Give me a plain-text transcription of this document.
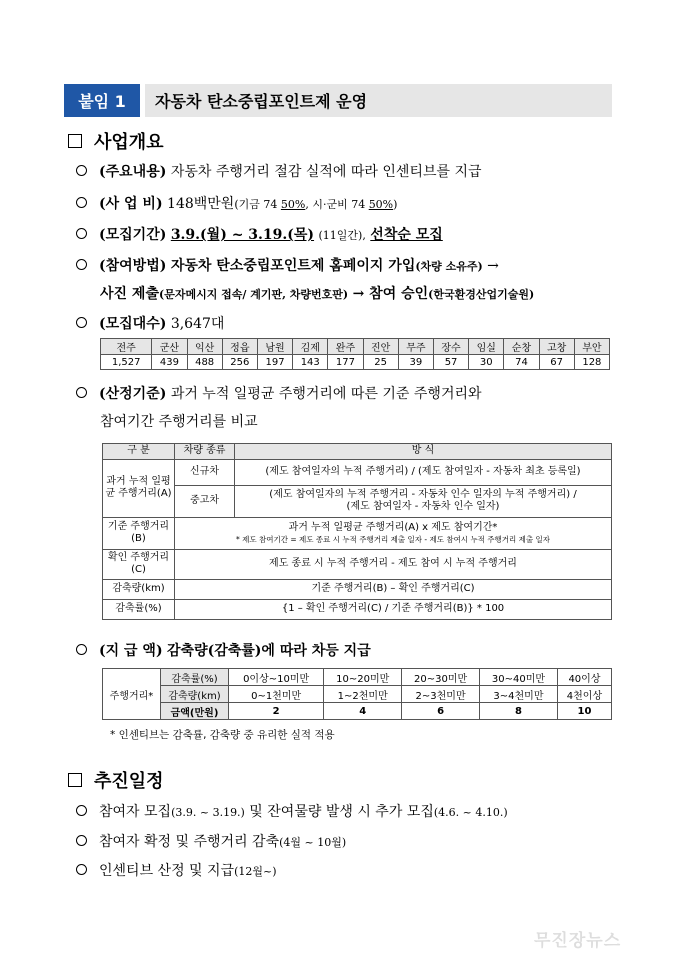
붙임 1	자동차 탄소중립포인트제 운영
사업개요
(주요내용) 자동차 주행거리 절감 실적에 따라 인센티브를 지급
(사 업 비) 148백만원(기금 74 50%, 시·군비 74 50%)
(모집기간) 3.9.(월) ~ 3.19.(목) (11일간), 선착순 모집
(참여방법) 자동차 탄소중립포인트제 홈페이지 가입(차량 소유주) →
사진 제출(문자메시지 접속/ 계기판, 차량번호판) → 참여 승인(한국환경산업기술원)
(모집대수) 3,647대
전주	군산	익산	정읍	남원	김제	완주	진안	무주	장수	임실	순창	고창	부안
1,527	439	488	256	197	143	177	25	39	57	30	74	67	128
(산정기준) 과거 누적 일평균 주행거리에 따른 기준 주행거리와
참여기간 주행거리를 비교
구 분	차량 종류	방 식
과거 누적 일평균 주행거리(A)	신규차	(제도 참여일자의 누적 주행거리) / (제도 참여일자 - 자동차 최초 등록일)
	중고차	(제도 참여일자의 누적 주행거리 - 자동차 인수 일자의 누적 주행거리) /
(제도 참여일자 - 자동차 인수 일자)

기준 주행거리(B)	과거 누적 일평균 주행거리(A) x 제도 참여기간*
* 제도 참여기간 = 제도 종료 시 누적 주행거리 제출 일자 - 제도 참여시 누적 주행거리 제출 일자	

확인 주행거리(C)	제도 종료 시 누적 주행거리 - 제도 참여 시 누적 주행거리	
감축량(km)	기준 주행거리(B) – 확인 주행거리(C)	
감축률(%)	{1 – 확인 주행거리(C) / 기준 주행거리(B)} * 100	
(지 급 액) 감축량(감축률)에 따라 차등 지급
주행거리*	감축률(%)	0이상~10미만	10~20미만	20~30미만	30~40미만	40이상
	감축량(km)	0~1천미만	1~2천미만	2~3천미만	3~4천미만	4천이상
	금액(만원)	2	4	6	8	10
* 인센티브는 감축률, 감축량 중 유리한 실적 적용
추진일정
참여자 모집(3.9. ~ 3.19.) 및 잔여물량 발생 시 추가 모집(4.6. ~ 4.10.)
참여자 확정 및 주행거리 감축(4월 ~ 10월)
인센티브 산정 및 지급(12월~)
무진장뉴스
